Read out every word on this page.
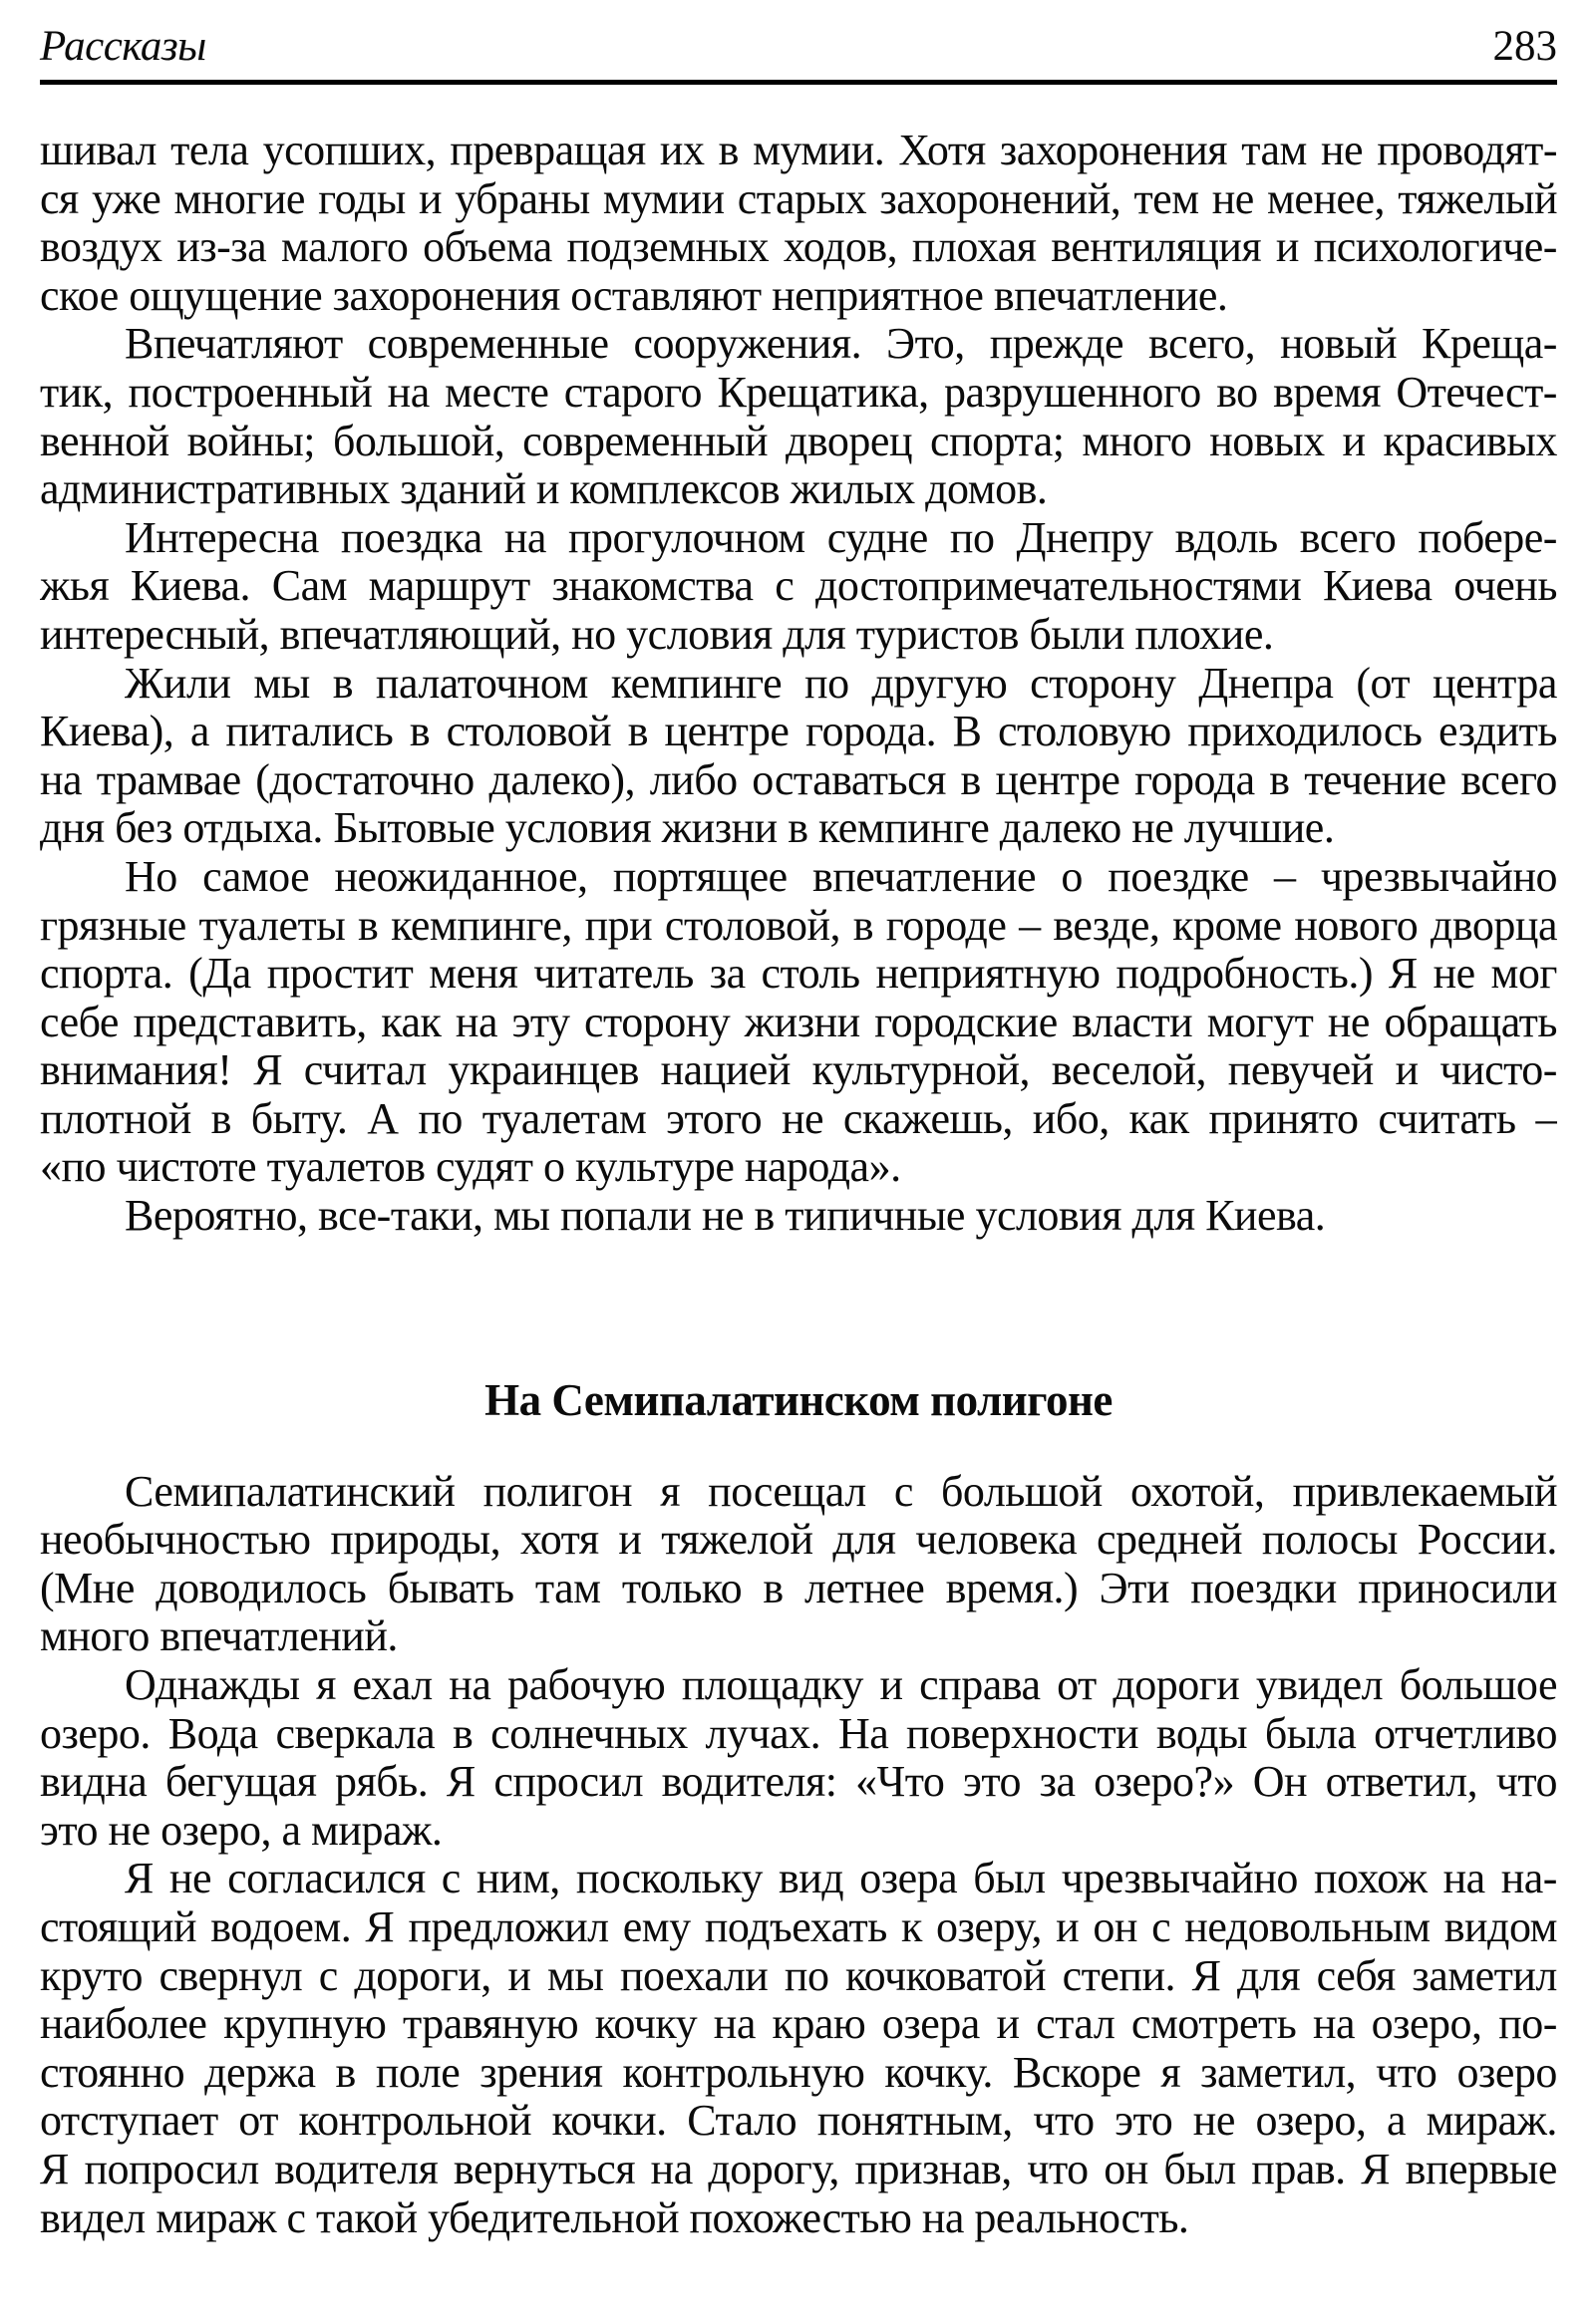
Рассказы	283

шивал тела усопших, превращая их в мумии. Хотя захоронения там не проводят-
ся уже многие годы и убраны мумии старых захоронений, тем не менее, тяжелый
воздух из-за малого объема подземных ходов, плохая вентиляция и психологиче-
ское ощущение захоронения оставляют неприятное впечатление.

Впечатляют современные сооружения. Это, прежде всего, новый Креща-
тик, построенный на месте старого Крещатика, разрушенного во время Отечест-
венной войны; большой, современный дворец спорта; много новых и красивых
административных зданий и комплексов жилых домов.

Интересна поездка на прогулочном судне по Днепру вдоль всего побере-
жья Киева. Сам маршрут знакомства с достопримечательностями Киева очень
интересный, впечатляющий, но условия для туристов были плохие.

Жили мы в палаточном кемпинге по другую сторону Днепра (от центра
Киева), а питались в столовой в центре города. В столовую приходилось ездить
на трамвае (достаточно далеко), либо оставаться в центре города в течение всего
дня без отдыха. Бытовые условия жизни в кемпинге далеко не лучшие.

Но самое неожиданное, портящее впечатление о поездке – чрезвычайно
грязные туалеты в кемпинге, при столовой, в городе – везде, кроме нового дворца
спорта. (Да простит меня читатель за столь неприятную подробность.) Я не мог
себе представить, как на эту сторону жизни городские власти могут не обращать
внимания! Я считал украинцев нацией культурной, веселой, певучей и чисто-
плотной в быту. А по туалетам этого не скажешь, ибо, как принято считать –
«по чистоте туалетов судят о культуре народа».

Вероятно, все-таки, мы попали не в типичные условия для Киева.

На Семипалатинском полигоне

Семипалатинский полигон я посещал с большой охотой, привлекаемый
необычностью природы, хотя и тяжелой для человека средней полосы России.
(Мне доводилось бывать там только в летнее время.) Эти поездки приносили
много впечатлений.

Однажды я ехал на рабочую площадку и справа от дороги увидел большое
озеро. Вода сверкала в солнечных лучах. На поверхности воды была отчетливо
видна бегущая рябь. Я спросил водителя: «Что это за озеро?» Он ответил, что
это не озеро, а мираж.

Я не согласился с ним, поскольку вид озера был чрезвычайно похож на на-
стоящий водоем. Я предложил ему подъехать к озеру, и он с недовольным видом
круто свернул с дороги, и мы поехали по кочковатой степи. Я для себя заметил
наиболее крупную травяную кочку на краю озера и стал смотреть на озеро, по-
стоянно держа в поле зрения контрольную кочку. Вскоре я заметил, что озеро
отступает от контрольной кочки. Стало понятным, что это не озеро, а мираж.
Я попросил водителя вернуться на дорогу, признав, что он был прав. Я впервые
видел мираж с такой убедительной похожестью на реальность.
